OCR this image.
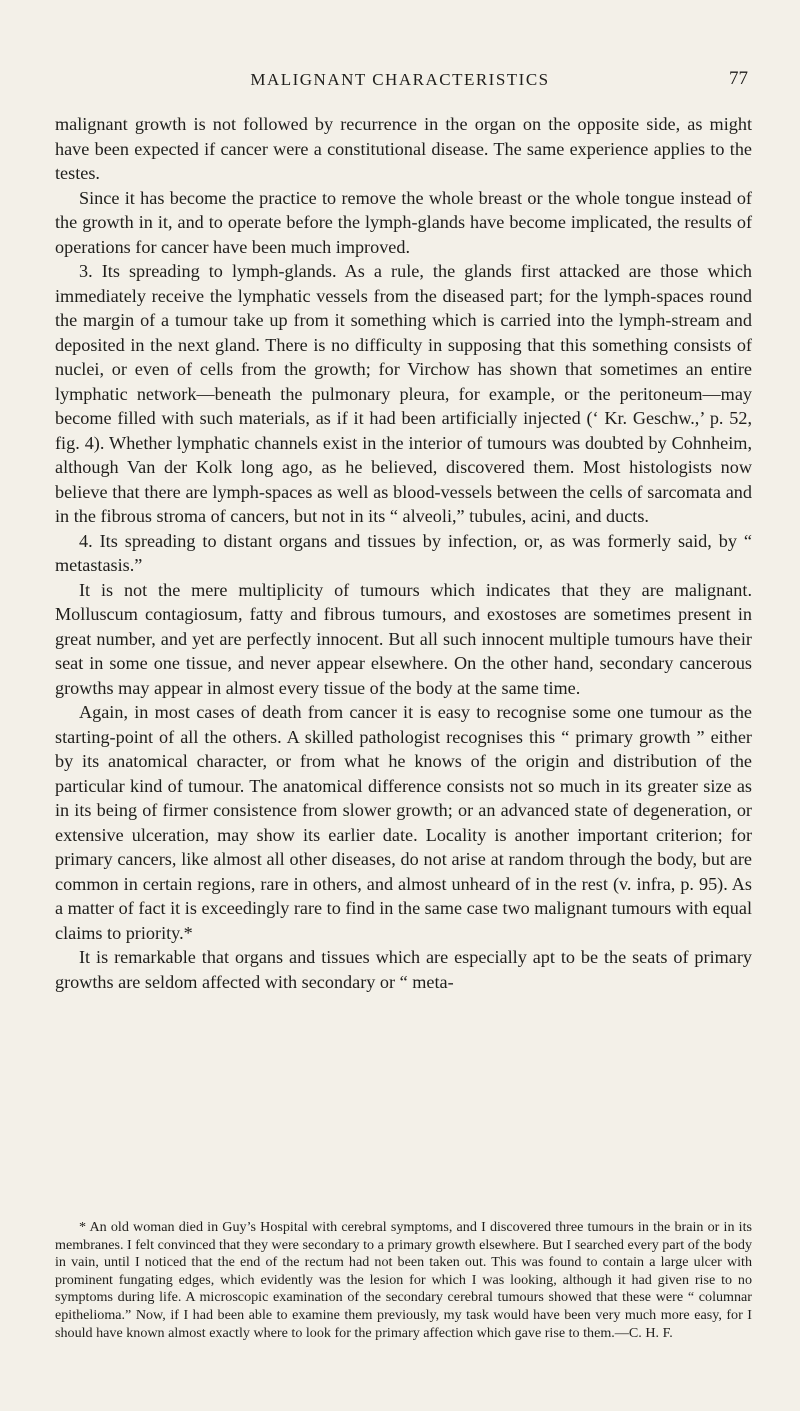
MALIGNANT CHARACTERISTICS	77

malignant growth is not followed by recurrence in the organ on the opposite side, as might have been expected if cancer were a constitutional disease. The same experience applies to the testes.

Since it has become the practice to remove the whole breast or the whole tongue instead of the growth in it, and to operate before the lymph-glands have become implicated, the results of operations for cancer have been much improved.

3. Its spreading to lymph-glands. As a rule, the glands first attacked are those which immediately receive the lymphatic vessels from the diseased part; for the lymph-spaces round the margin of a tumour take up from it something which is carried into the lymph-stream and deposited in the next gland. There is no difficulty in supposing that this something consists of nuclei, or even of cells from the growth; for Virchow has shown that sometimes an entire lymphatic network—beneath the pulmonary pleura, for example, or the peritoneum—may become filled with such materials, as if it had been artificially injected (‘ Kr. Geschw.,’ p. 52, fig. 4). Whether lymphatic channels exist in the interior of tumours was doubted by Cohnheim, although Van der Kolk long ago, as he believed, discovered them. Most histologists now believe that there are lymph-spaces as well as blood-vessels between the cells of sarcomata and in the fibrous stroma of cancers, but not in its “ alveoli,” tubules, acini, and ducts.

4. Its spreading to distant organs and tissues by infection, or, as was formerly said, by “ metastasis.”

It is not the mere multiplicity of tumours which indicates that they are malignant. Molluscum contagiosum, fatty and fibrous tumours, and exostoses are sometimes present in great number, and yet are perfectly innocent. But all such innocent multiple tumours have their seat in some one tissue, and never appear elsewhere. On the other hand, secondary cancerous growths may appear in almost every tissue of the body at the same time.

Again, in most cases of death from cancer it is easy to recognise some one tumour as the starting-point of all the others. A skilled pathologist recognises this “ primary growth ” either by its anatomical character, or from what he knows of the origin and distribution of the particular kind of tumour. The anatomical difference consists not so much in its greater size as in its being of firmer consistence from slower growth; or an advanced state of degeneration, or extensive ulceration, may show its earlier date. Locality is another important criterion; for primary cancers, like almost all other diseases, do not arise at random through the body, but are common in certain regions, rare in others, and almost unheard of in the rest (v. infra, p. 95). As a matter of fact it is exceedingly rare to find in the same case two malignant tumours with equal claims to priority.*

It is remarkable that organs and tissues which are especially apt to be the seats of primary growths are seldom affected with secondary or “ meta-

* An old woman died in Guy’s Hospital with cerebral symptoms, and I discovered three tumours in the brain or in its membranes. I felt convinced that they were secondary to a primary growth elsewhere. But I searched every part of the body in vain, until I noticed that the end of the rectum had not been taken out. This was found to contain a large ulcer with prominent fungating edges, which evidently was the lesion for which I was looking, although it had given rise to no symptoms during life. A microscopic examination of the secondary cerebral tumours showed that these were “ columnar epithelioma.” Now, if I had been able to examine them previously, my task would have been very much more easy, for I should have known almost exactly where to look for the primary affection which gave rise to them.—C. H. F.
